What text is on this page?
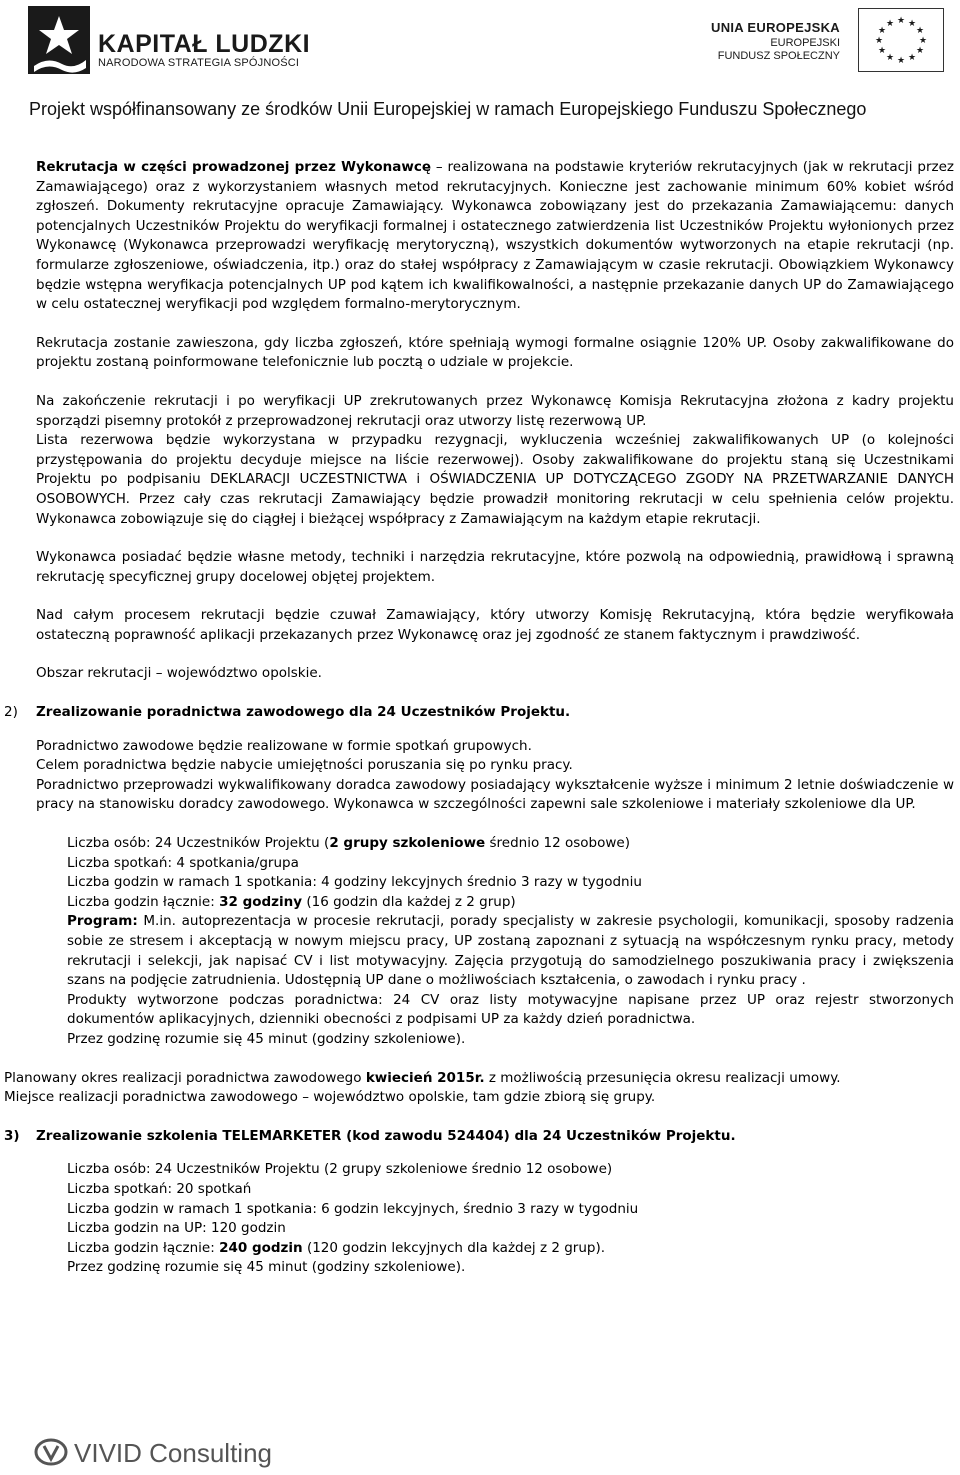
KAPITAŁ LUDZKI
NARODOWA STRATEGIA SPÓJNOŚCI
UNIA EUROPEJSKA
EUROPEJSKI
FUNDUSZ SPOŁECZNY
★ ★
★
★
★
★
★
★
★
★
★
★
Projekt współfinansowany ze środków Unii Europejskiej w ramach Europejskiego Funduszu Społecznego

Rekrutacja w części prowadzonej przez Wykonawcę – realizowana na podstawie kryteriów rekrutacyjnych (jak w rekrutacji przez Zamawiającego) oraz z wykorzystaniem własnych metod rekrutacyjnych. Konieczne jest zachowanie minimum 60% kobiet wśród zgłoszeń. Dokumenty rekrutacyjne opracuje Zamawiający. Wykonawca zobowiązany jest do przekazania Zamawiającemu: danych potencjalnych Uczestników Projektu do weryfikacji formalnej i ostatecznego zatwierdzenia list Uczestników Projektu wyłonionych przez Wykonawcę (Wykonawca przeprowadzi weryfikację merytoryczną), wszystkich dokumentów wytworzonych na etapie rekrutacji (np. formularze zgłoszeniowe, oświadczenia, itp.) oraz do stałej współpracy z Zamawiającym w czasie rekrutacji. Obowiązkiem Wykonawcy będzie wstępna weryfikacja potencjalnych UP pod kątem ich kwalifikowalności, a następnie przekazanie danych UP do Zamawiającego w celu ostatecznej weryfikacji pod względem formalno-merytorycznym.

Rekrutacja zostanie zawieszona, gdy liczba zgłoszeń, które spełniają wymogi formalne osiągnie 120% UP. Osoby zakwalifikowane do projektu zostaną poinformowane telefonicznie lub pocztą o udziale w projekcie.

Na zakończenie rekrutacji i po weryfikacji UP zrekrutowanych przez Wykonawcę Komisja Rekrutacyjna złożona z kadry projektu sporządzi pisemny protokół z przeprowadzonej rekrutacji oraz utworzy listę rezerwową UP.

Lista rezerwowa będzie wykorzystana w przypadku rezygnacji, wykluczenia wcześniej zakwalifikowanych UP (o kolejności przystępowania do projektu decyduje miejsce na liście rezerwowej). Osoby zakwalifikowane do projektu staną się Uczestnikami Projektu po podpisaniu DEKLARACJI UCZESTNICTWA i OŚWIADCZENIA UP DOTYCZĄCEGO ZGODY NA PRZETWARZANIE DANYCH OSOBOWYCH. Przez cały czas rekrutacji Zamawiający będzie prowadził monitoring rekrutacji w celu spełnienia celów projektu. Wykonawca zobowiązuje się do ciągłej i bieżącej współpracy z Zamawiającym na każdym etapie rekrutacji.

Wykonawca posiadać będzie własne metody, techniki i narzędzia rekrutacyjne, które pozwolą na odpowiednią, prawidłową i sprawną rekrutację specyficznej grupy docelowej objętej projektem.

Nad całym procesem rekrutacji będzie czuwał Zamawiający, który utworzy Komisję Rekrutacyjną, która będzie weryfikowała ostateczną poprawność aplikacji przekazanych przez Wykonawcę oraz jej zgodność ze stanem faktycznym i prawdziwość.

Obszar rekrutacji – województwo opolskie.

2) Zrealizowanie poradnictwa zawodowego dla 24 Uczestników Projektu.

Poradnictwo zawodowe będzie realizowane w formie spotkań grupowych.

Celem poradnictwa będzie nabycie umiejętności poruszania się po rynku pracy.

Poradnictwo przeprowadzi wykwalifikowany doradca zawodowy posiadający wykształcenie wyższe i minimum 2 letnie doświadczenie w pracy na stanowisku doradcy zawodowego. Wykonawca w szczególności zapewni sale szkoleniowe i materiały szkoleniowe dla UP.

Liczba osób: 24 Uczestników Projektu (2 grupy szkoleniowe średnio 12 osobowe)

Liczba spotkań: 4 spotkania/grupa

Liczba godzin w ramach 1 spotkania: 4 godziny lekcyjnych średnio 3 razy w tygodniu

Liczba godzin łącznie: 32 godziny (16 godzin dla każdej z 2 grup)

Program: M.in. autoprezentacja w procesie rekrutacji, porady specjalisty w zakresie psychologii, komunikacji, sposoby radzenia sobie ze stresem i akceptacją w nowym miejscu pracy, UP zostaną zapoznani z sytuacją na współczesnym rynku pracy, metody rekrutacji i selekcji, jak napisać CV i list motywacyjny. Zajęcia przygotują do samodzielnego poszukiwania pracy i zwiększenia szans na podjęcie zatrudnienia. Udostępnią UP dane o możliwościach kształcenia, o zawodach i rynku pracy .

Produkty wytworzone podczas poradnictwa: 24 CV oraz listy motywacyjne napisane przez UP oraz rejestr stworzonych dokumentów aplikacyjnych, dzienniki obecności z podpisami UP za każdy dzień poradnictwa.

Przez godzinę rozumie się 45 minut (godziny szkoleniowe).

Planowany okres realizacji poradnictwa zawodowego kwiecień 2015r. z możliwością przesunięcia okresu realizacji umowy.

Miejsce realizacji poradnictwa zawodowego – województwo opolskie, tam gdzie zbiorą się grupy.

3) Zrealizowanie szkolenia TELEMARKETER (kod zawodu 524404) dla 24 Uczestników Projektu.

Liczba osób: 24 Uczestników Projektu (2 grupy szkoleniowe średnio 12 osobowe)

Liczba spotkań: 20 spotkań

Liczba godzin w ramach 1 spotkania: 6 godzin lekcyjnych, średnio 3 razy w tygodniu

Liczba godzin na UP: 120 godzin

Liczba godzin łącznie: 240 godzin (120 godzin lekcyjnych dla każdej z 2 grup).

Przez godzinę rozumie się 45 minut (godziny szkoleniowe).

VIVID Consulting
